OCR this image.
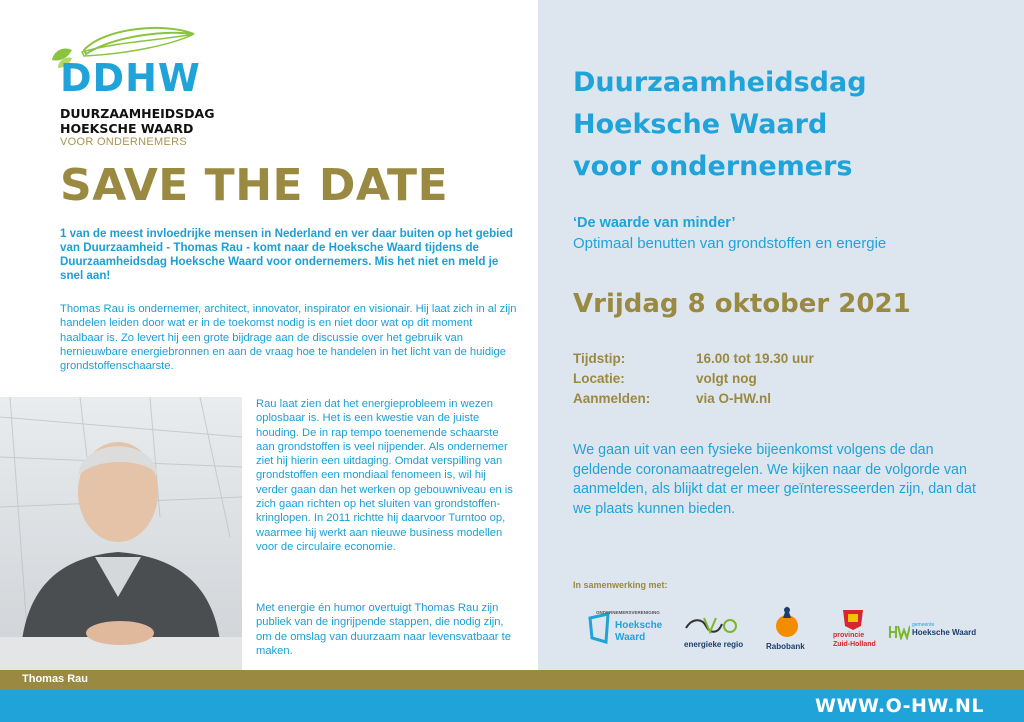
DDHW
DUURZAAMHEIDSDAG
HOEKSCHE WAARD
VOOR ONDERNEMERS
SAVE THE DATE

1 van de meest invloedrijke mensen in Nederland en ver daar buiten op het gebied van Duurzaamheid - Thomas Rau - komt naar de Hoeksche Waard tijdens de Duurzaamheidsdag Hoeksche Waard voor ondernemers. Mis het niet en meld je snel aan!

Thomas Rau is ondernemer, architect, innovator, inspirator en visionair. Hij laat zich in al zijn handelen leiden door wat er in de toekomst nodig is en niet door wat op dit moment haalbaar is. Zo levert hij een grote bijdrage aan de discussie over het gebruik van hernieuwbare energiebronnen en aan de vraag hoe te handelen in het licht van de huidige grondstoffenschaarste.

Thomas Rau

Rau laat zien dat het energieprobleem in wezen oplosbaar is. Het is een kwestie van de juiste houding. De in rap tempo toenemende schaarste aan grondstoffen is veel nijpender. Als ondernemer ziet hij hierin een uitdaging. Omdat verspilling van grondstoffen een mondiaal fenomeen is, wil hij verder gaan dan het werken op gebouwniveau en is zich gaan richten op het sluiten van grondstoffen-kringlopen. In 2011 richtte hij daarvoor Turntoo op, waarmee hij werkt aan nieuwe business modellen voor de circulaire economie.

Met energie én humor overtuigt Thomas Rau zijn publiek van de ingrijpende stappen, die nodig zijn, om de omslag van duurzaam naar levensvatbaar te maken.

Duurzaamheidsdag
Hoeksche Waard
voor ondernemers
‘De waarde van minder’
Optimaal benutten van grondstoffen en energie
Vrijdag 8 oktober 2021
Tijdstip:	16.00 tot 19.30 uur
Locatie:	volgt nog
Aanmelden:	via O-HW.nl

We gaan uit van een fysieke bijeenkomst volgens de dan geldende coronamaatregelen. We kijken naar de volgorde van aanmelden, als blijkt dat er meer geïnteresseerden zijn, dan dat we plaats kunnen bieden.

In samenwerking met:
ONDERNEMERSVERENIGING
Hoeksche
Waard
energieke regio	Rabobank
provincie
Zuid-Holland
gemeente
Hoeksche Waard
WWW.O-HW.NL
